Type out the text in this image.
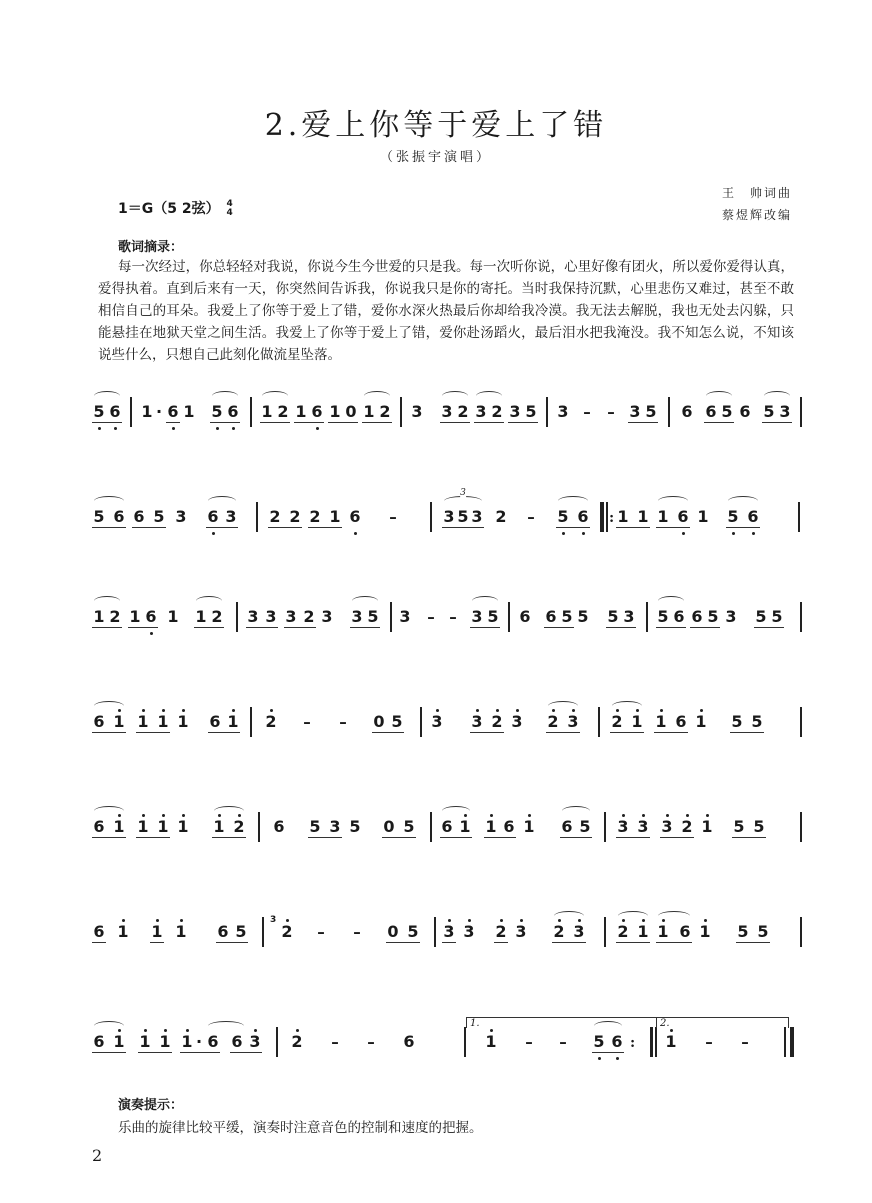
2.爱上你等于爱上了错
（张振宇演唱）
1＝G（5 2弦） 4
4
王　帅词曲
蔡煜辉改编
歌词摘录：
每一次经过，你总轻轻对我说，你说今生今世爱的只是我。每一次听你说，心里好像有团火，所以爱你爱得认真，爱得执着。直到后来有一天，你突然间告诉我，你说我只是你的寄托。当时我保持沉默，心里悲伤又难过，甚至不敢相信自己的耳朵。我爱上了你等于爱上了错，爱你水深火热最后你却给我冷漠。我无法去解脱，我也无处去闪躲，只能悬挂在地狱天堂之间生活。我爱上了你等于爱上了错，爱你赴汤蹈火，最后泪水把我淹没。我不知怎么说，不知该说些什么，只想自己此刻化做流星坠落。
5 6 1 · 6 1 5 6 1 2 1 6 1 0 1 2 3 3 2 3 2 3 5 3 – – 3 5 6 6 5 6 5 3
5 6 6 5 3 6 3 2 2 2 1 6 –	3 5 3
3
2 – 5 6 1 1 1 6 1 5 6
:
1 2 1 6 1 1 2 3 3 3 2 3 3 5 3 – – 3 5 6 6 5 5 5 3 5 6 6 5 3 5 5
6 1 1 1 1 6 1 2 – – 0 5 3 3 2 3 2 3 2 1 1 6 1 5 5
6 1 1 1 1 1 2 6 5 3 5 0 5 6 1 1 6 1 6 5 3 3 3 2 1 5 5
6 1 1 1 6 5
3
2 – – 0 5 3 3 2 3 2 3 2 1 1 6 1 5 5
6 1 1 1 1 · 6 6 3 2 – – 6
1.
1 – – 5 6 :
2.
1 – –
演奏提示：
乐曲的旋律比较平缓，演奏时注意音色的控制和速度的把握。
2
